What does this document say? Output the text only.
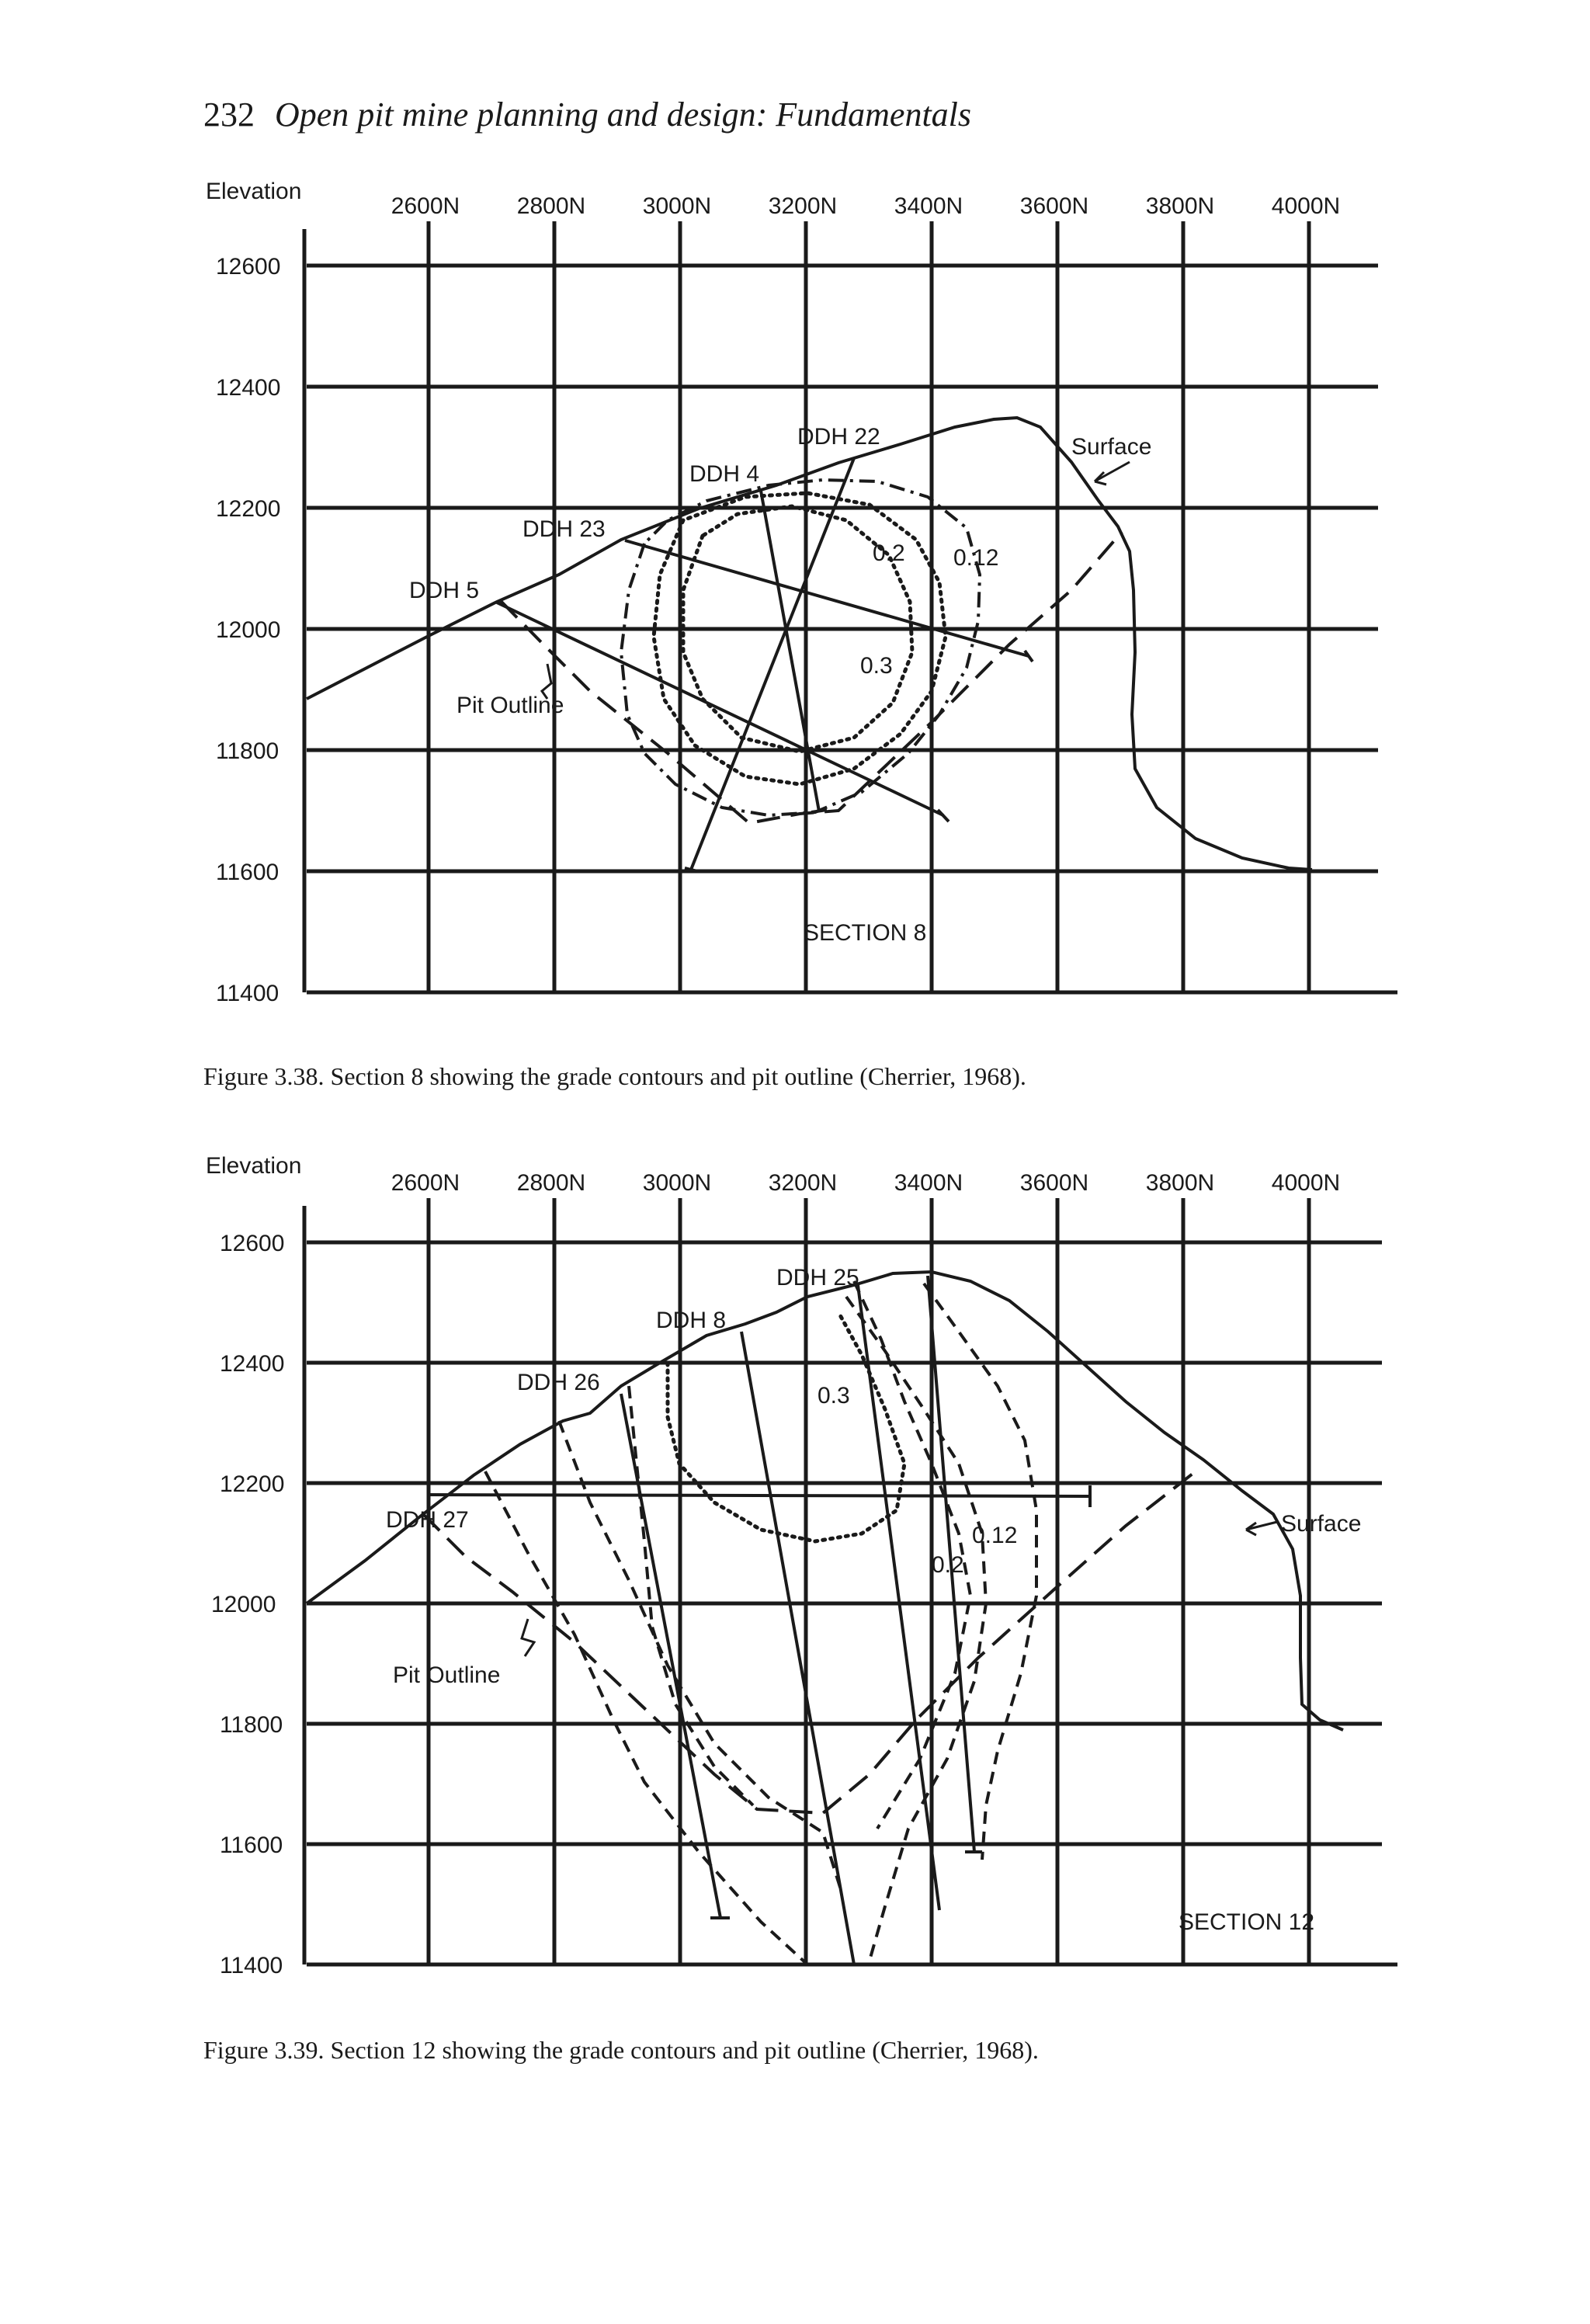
232 Open pit mine planning and design: Fundamentals
Elevation
2600N 2800N 3000N 3200N 3400N 3600N 3800N 4000N
12600
12400
12200
12000
11800
11600
11400
Surface
Pit Outline
DDH 5
DDH 23
DDH 4
DDH 22
0.12
0.2
0.3
SECTION 8
Figure 3.38. Section 8 showing the grade contours and pit outline (Cherrier, 1968).
Elevation
2600N 2800N 3000N 3200N 3400N 3600N 3800N 4000N
12600
12400
12200
12000
11800
11600
11400
Surface
Pit Outline
DDH 27
DDH 26
DDH 8
DDH 25
0.12
0.2
0.3
SECTION 12
Figure 3.39. Section 12 showing the grade contours and pit outline (Cherrier, 1968).
